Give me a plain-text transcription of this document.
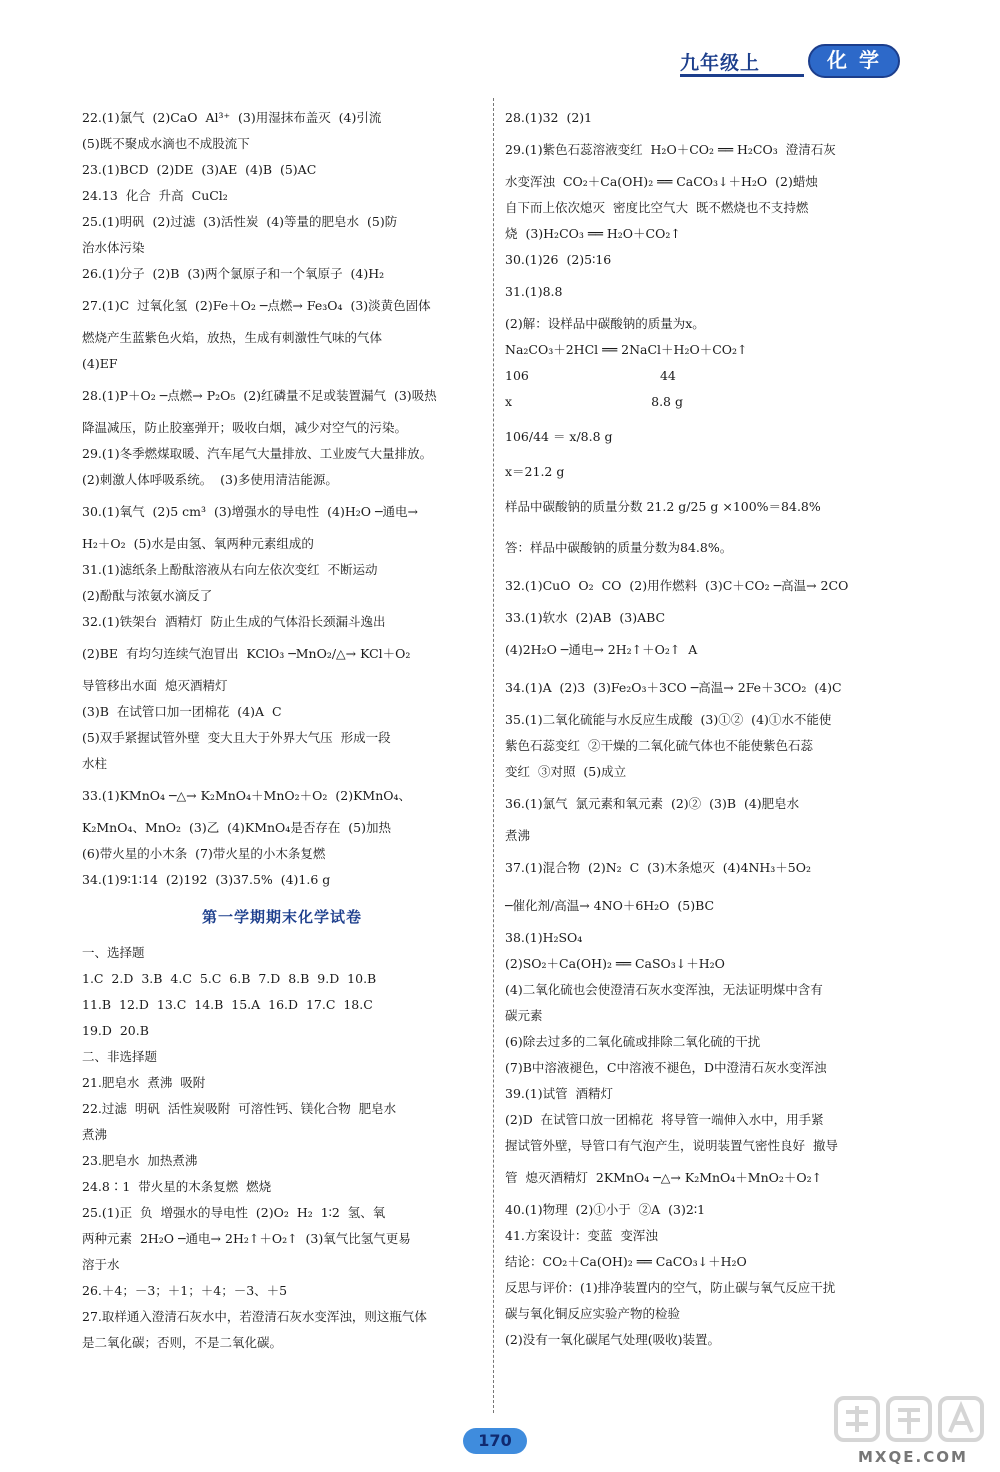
九年级上	化学
22.(1)氯气  (2)CaO  Al³⁺  (3)用湿抹布盖灭  (4)引流
(5)既不聚成水滴也不成股流下
23.(1)BCD  (2)DE  (3)AE  (4)B  (5)AC
24.13  化合  升高  CuCl₂
25.(1)明矾  (2)过滤  (3)活性炭  (4)等量的肥皂水  (5)防
治水体污染
26.(1)分子  (2)B  (3)两个氯原子和一个氧原子  (4)H₂
27.(1)C  过氧化氢  (2)Fe＋O₂ ─点燃→ Fe₃O₄  (3)淡黄色固体
燃烧产生蓝紫色火焰，放热，生成有刺激性气味的气体
(4)EF
28.(1)P＋O₂ ─点燃→ P₂O₅  (2)红磷量不足或装置漏气  (3)吸热
降温减压，防止胶塞弹开；吸收白烟，减少对空气的污染。
29.(1)冬季燃煤取暖、汽车尾气大量排放、工业废气大量排放。
(2)刺激人体呼吸系统。  (3)多使用清洁能源。
30.(1)氧气  (2)5 cm³  (3)增强水的导电性  (4)H₂O ─通电→
H₂＋O₂  (5)水是由氢、氧两种元素组成的
31.(1)滤纸条上酚酞溶液从右向左依次变红  不断运动
(2)酚酞与浓氨水滴反了
32.(1)铁架台  酒精灯  防止生成的气体沿长颈漏斗逸出
(2)BE  有均匀连续气泡冒出  KClO₃ ─MnO₂/△→ KCl＋O₂
导管移出水面  熄灭酒精灯
(3)B  在试管口加一团棉花  (4)A  C
(5)双手紧握试管外壁  变大且大于外界大气压  形成一段
水柱
33.(1)KMnO₄ ─△→ K₂MnO₄＋MnO₂＋O₂  (2)KMnO₄、
K₂MnO₄、MnO₂  (3)乙  (4)KMnO₄是否存在  (5)加热
(6)带火星的小木条  (7)带火星的小木条复燃
34.(1)9∶1∶14  (2)192  (3)37.5%  (4)1.6 g
第一学期期末化学试卷
一、选择题
1.C  2.D  3.B  4.C  5.C  6.B  7.D  8.B  9.D  10.B
11.B  12.D  13.C  14.B  15.A  16.D  17.C  18.C
19.D  20.B
二、非选择题
21.肥皂水  煮沸  吸附
22.过滤  明矾  活性炭吸附  可溶性钙、镁化合物  肥皂水
煮沸
23.肥皂水  加热煮沸
24.8∶1  带火星的木条复燃  燃烧
25.(1)正  负  增强水的导电性  (2)O₂  H₂  1∶2  氢、氧
两种元素  2H₂O ─通电→ 2H₂↑＋O₂↑  (3)氧气比氢气更易
溶于水
26.＋4；－3；＋1；＋4；－3、＋5
27.取样通入澄清石灰水中，若澄清石灰水变浑浊，则这瓶气体
是二氧化碳；否则，不是二氧化碳。
28.(1)32  (2)1
29.(1)紫色石蕊溶液变红  H₂O＋CO₂ ══ H₂CO₃  澄清石灰
水变浑浊  CO₂＋Ca(OH)₂ ══ CaCO₃↓＋H₂O  (2)蜡烛
自下而上依次熄灭  密度比空气大  既不燃烧也不支持燃
烧  (3)H₂CO₃ ══ H₂O＋CO₂↑
30.(1)26  (2)5∶16
31.(1)8.8
(2)解：设样品中碳酸钠的质量为x。
Na₂CO₃＋2HCl ══ 2NaCl＋H₂O＋CO₂↑
106                                 44
x                                   8.8 g
106/44 ＝ x/8.8 g
x＝21.2 g
样品中碳酸钠的质量分数 21.2 g/25 g ×100%＝84.8%
答：样品中碳酸钠的质量分数为84.8%。
32.(1)CuO  O₂  CO  (2)用作燃料  (3)C＋CO₂ ─高温→ 2CO
33.(1)软水  (2)AB  (3)ABC
(4)2H₂O ─通电→ 2H₂↑＋O₂↑  A
34.(1)A  (2)3  (3)Fe₂O₃＋3CO ─高温→ 2Fe＋3CO₂  (4)C
35.(1)二氧化硫能与水反应生成酸  (3)①②  (4)①水不能使
紫色石蕊变红  ②干燥的二氧化硫气体也不能使紫色石蕊
变红  ③对照  (5)成立
36.(1)氯气  氯元素和氧元素  (2)②  (3)B  (4)肥皂水
煮沸
37.(1)混合物  (2)N₂  C  (3)木条熄灭  (4)4NH₃＋5O₂
─催化剂/高温→ 4NO＋6H₂O  (5)BC
38.(1)H₂SO₄
(2)SO₂＋Ca(OH)₂ ══ CaSO₃↓＋H₂O
(4)二氧化硫也会使澄清石灰水变浑浊，无法证明煤中含有
碳元素
(6)除去过多的二氧化硫或排除二氧化硫的干扰
(7)B中溶液褪色，C中溶液不褪色，D中澄清石灰水变浑浊
39.(1)试管  酒精灯
(2)D  在试管口放一团棉花  将导管一端伸入水中，用手紧
握试管外壁，导管口有气泡产生，说明装置气密性良好  撤导
管  熄灭酒精灯  2KMnO₄ ─△→ K₂MnO₄＋MnO₂＋O₂↑
40.(1)物理  (2)①小于  ②A  (3)2∶1
41.方案设计：变蓝  变浑浊
结论：CO₂＋Ca(OH)₂ ══ CaCO₃↓＋H₂O
反思与评价：(1)排净装置内的空气，防止碳与氧气反应干扰
碳与氧化铜反应实验产物的检验
(2)没有一氧化碳尾气处理(吸收)装置。
170
MXQE.COM
